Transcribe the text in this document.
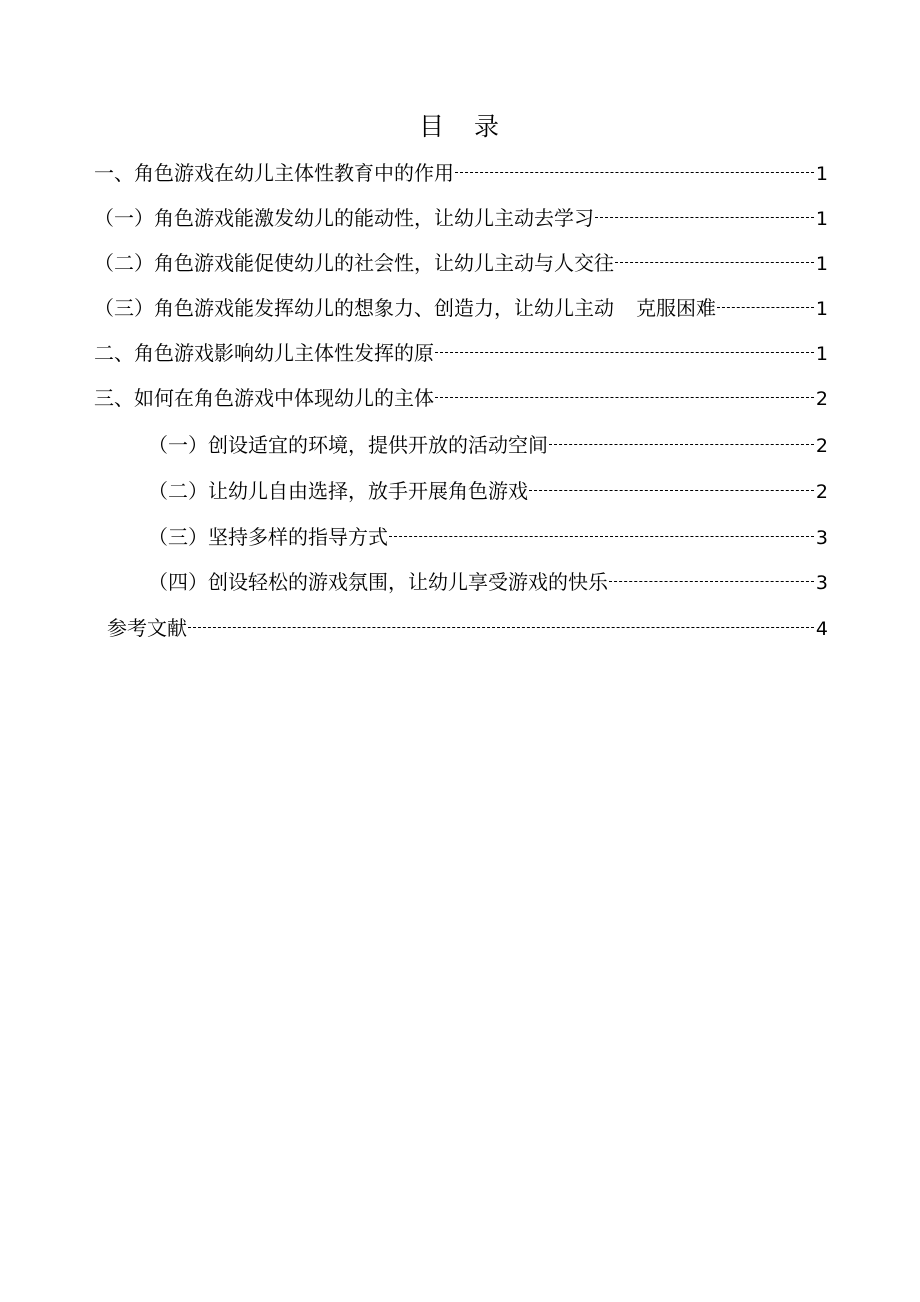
目 录
一、角色游戏在幼儿主体性教育中的作用	1
（一）角色游戏能激发幼儿的能动性，让幼儿主动去学习	1
（二）角色游戏能促使幼儿的社会性，让幼儿主动与人交往	1
（三）角色游戏能发挥幼儿的想象力、创造力，让幼儿主动 克服困难	1
二、角色游戏影响幼儿主体性发挥的原	1
三、如何在角色游戏中体现幼儿的主体	2
（一）创设适宜的环境，提供开放的活动空间	2
（二）让幼儿自由选择，放手开展角色游戏	2
（三）坚持多样的指导方式	3
（四）创设轻松的游戏氛围，让幼儿享受游戏的快乐	3
参考文献	4
